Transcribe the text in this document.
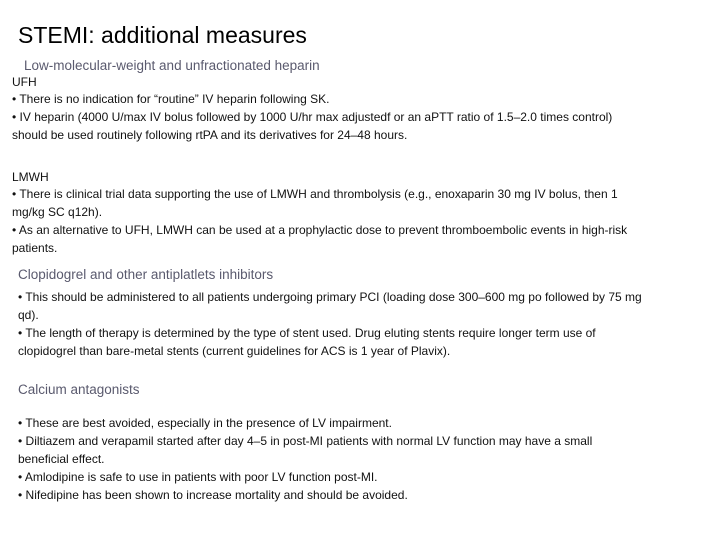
STEMI: additional measures
Low-molecular-weight and unfractionated heparin
UFH
• There is no indication for “routine” IV heparin following SK.
• IV heparin (4000 U/max IV bolus followed by 1000 U/hr max adjustedf or an aPTT ratio of 1.5–2.0 times control)
should be used routinely following rtPA and its derivatives for 24–48 hours.
LMWH
• There is clinical trial data supporting the use of LMWH and thrombolysis (e.g., enoxaparin 30 mg IV bolus, then 1
mg/kg SC q12h).
• As an alternative to UFH, LMWH can be used at a prophylactic dose to prevent thromboembolic events in high-risk
patients.
Clopidogrel and other antiplatlets inhibitors
• This should be administered to all patients undergoing primary PCI (loading dose 300–600 mg po followed by 75 mg
qd).
• The length of therapy is determined by the type of stent used. Drug eluting stents require longer term use of
clopidogrel than bare-metal stents (current guidelines for ACS is 1 year of Plavix).
Calcium antagonists
• These are best avoided, especially in the presence of LV impairment.
• Diltiazem and verapamil started after day 4–5 in post-MI patients with normal LV function may have a small
beneficial effect.
• Amlodipine is safe to use in patients with poor LV function post-MI.
• Nifedipine has been shown to increase mortality and should be avoided.
